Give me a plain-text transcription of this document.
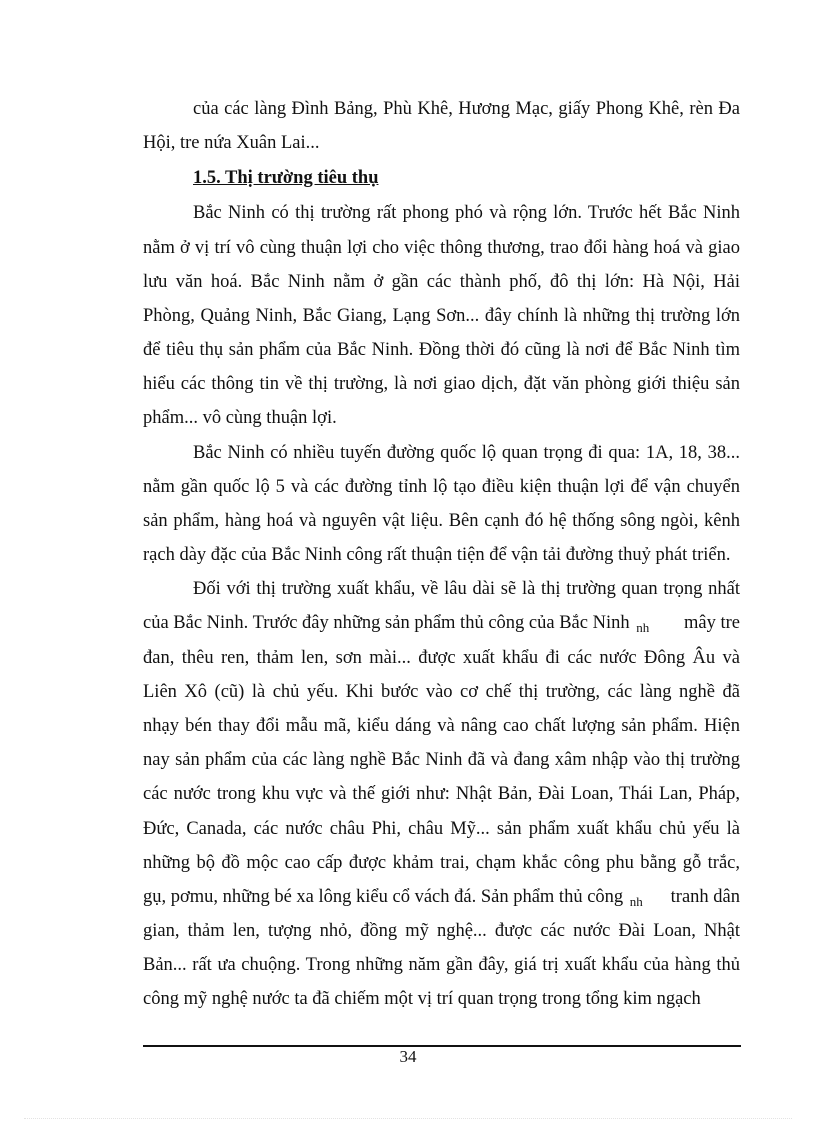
của các làng Đình Bảng, Phù Khê, Hương Mạc, giấy Phong Khê, rèn Đa
Hội, tre nứa Xuân Lai...
1.5. Thị trường tiêu thụ
Bắc Ninh có thị trường rất phong phó và rộng lớn. Trước hết Bắc Ninh
nằm ở vị trí vô cùng thuận lợi cho việc thông thương, trao đổi hàng hoá và giao
lưu văn hoá. Bắc Ninh nằm ở gần các thành phố, đô thị lớn: Hà Nội, Hải
Phòng, Quảng Ninh, Bắc Giang, Lạng Sơn... đây chính là những thị trường lớn
để tiêu thụ sản phẩm của Bắc Ninh. Đồng thời đó cũng là nơi để Bắc Ninh tìm
hiểu các thông tin về thị trường, là nơi giao dịch, đặt văn phòng giới thiệu sản
phẩm... vô cùng thuận lợi.
Bắc Ninh có nhiều tuyến đường quốc lộ quan trọng đi qua: 1A, 18, 38...
nằm gần quốc lộ 5 và các đường tỉnh lộ tạo điều kiện thuận lợi để vận chuyển
sản phẩm, hàng hoá và nguyên vật liệu. Bên cạnh đó hệ thống sông ngòi, kênh
rạch dày đặc của Bắc Ninh công rất thuận tiện để vận tải đường thuỷ phát triển.
Đối với thị trường xuất khẩu, về lâu dài sẽ là thị trường quan trọng nhất
của Bắc Ninh. Trước đây những sản phẩm thủ công của Bắc Ninh $_{nh}$ mây tre
đan, thêu ren, thảm len, sơn mài... được xuất khẩu đi các nước Đông Âu và
Liên Xô (cũ) là chủ yếu. Khi bước vào cơ chế thị trường, các làng nghề đã
nhạy bén thay đổi mẫu mã, kiểu dáng và nâng cao chất lượng sản phẩm. Hiện
nay sản phẩm của các làng nghề Bắc Ninh đã và đang xâm nhập vào thị trường
các nước trong khu vực và thế giới như: Nhật Bản, Đài Loan, Thái Lan, Pháp,
Đức, Canada, các nước châu Phi, châu Mỹ... sản phẩm xuất khẩu chủ yếu là
những bộ đồ mộc cao cấp được khảm trai, chạm khắc công phu bằng gỗ trắc,
gụ, pơmu, những bé xa lông kiểu cổ vách đá. Sản phẩm thủ công $_{nh}$ tranh dân
gian, thảm len, tượng nhỏ, đồng mỹ nghệ... được các nước Đài Loan, Nhật
Bản... rất ưa chuộng. Trong những năm gần đây, giá trị xuất khẩu của hàng thủ
công mỹ nghệ nước ta đã chiếm một vị trí quan trọng trong tổng kim ngạch
34
